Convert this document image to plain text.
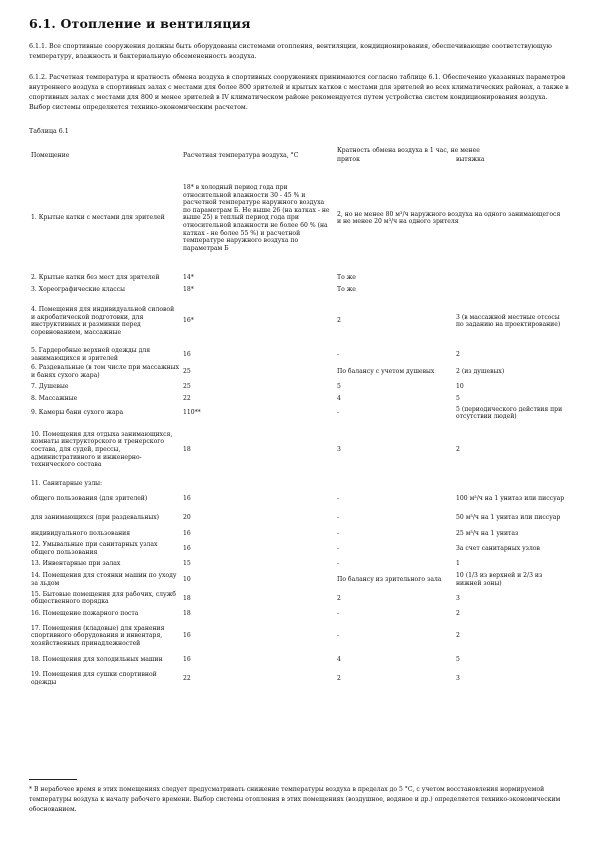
6.1. Отопление и вентиляция
6.1.1. Все спортивные сооружения должны быть оборудованы системами отопления, вентиляции, кондиционирования, обеспечивающие соответствующую температуру, влажность и бактериальную обсемененность воздуха.
6.1.2. Расчетная температура и кратность обмена воздуха в спортивных сооружениях принимаются согласно таблице 6.1. Обеспечение указанных параметров внутреннего воздуха в спортивных залах с местами для более 800 зрителей и крытых катков с местами для зрителей во всех климатических районах, а также в спортивных залах с местами для 800 и менее зрителей в IV климатическом районе рекомендуется путем устройства систем кондиционирования воздуха. Выбор системы определяется технико-экономическим расчетом.
Таблица 6.1
Помещение	Расчетная температура воздуха, °С	Кратность обмена воздуха в 1 час, не менее	
		приток	вытяжка
1. Крытые катки с местами для зрителей	18* в холодный период года при относительной влажности 30 - 45 % и расчетной температуре наружного воздуха по параметрам Б. Не выше 26 (на катках - не выше 25) в теплый период года при относительной влажности не более 60 % (на катках - не более 55 %) и расчетной температуре наружного воздуха по параметрам Б	2, но не менее 80 м³/ч наружного воздуха на одного занимающегося и не менее 20 м³/ч на одного зрителя	
2. Крытые катки без мест для зрителей	14*	То же	
3. Хореографические классы	18*	То же	
4. Помещения для индивидуальной силовой и акробатической подготовки, для инструктивных и разминки перед соревнованием, массажные	16*	2	3 (в массажной местные отсосы по заданию на проектирование)
5. Гардеробные верхней одежды для занимающихся и зрителей	16	-	2
6. Раздевальные (в том числе при массажных и банях сухого жара)	25	По балансу с учетом душевых	2 (из душевых)
7. Душевые	25	5	10
8. Массажные	22	4	5
9. Камеры бани сухого жара	110**	-	5 (периодического действия при отсутствии людей)
10. Помещения для отдыха занимающихся, комнаты инструкторского и тренерского состава, для судей, прессы, административного и инженерно-технического состава	18	3	2
11. Санитарные узлы:			
общего пользования (для зрителей)	16	-	100 м³/ч на 1 унитаз или писсуар
для занимающихся (при раздевальных)	20	-	50 м³/ч на 1 унитаз или писсуар
индивидуального пользования	16	-	25 м³/ч на 1 унитаз
12. Умывальные при санитарных узлах общего пользования	16	-	За счет санитарных узлов
13. Инвентарные при залах	15	-	1
14. Помещения для стоянки машин по уходу за льдом	10	По балансу из зрительного зала	10 (1/3 из верхней и 2/3 из нижней зоны)
15. Бытовые помещения для рабочих, служб общественного порядка	18	2	3
16. Помещение пожарного поста	18	-	2
17. Помещения (кладовые) для хранения спортивного оборудования и инвентаря, хозяйственных принадлежностей	16	-	2
18. Помещения для холодильных машин	16	4	5
19. Помещения для сушки спортивной одежды	22	2	3
* В нерабочее время в этих помещениях следует предусматривать снижение температуры воздуха в пределах до 5 °С, с учетом восстановления нормируемой температуры воздуха к началу рабочего времени. Выбор системы отопления в этих помещениях (воздушное, водяное и др.) определяется технико-экономическим обоснованием.
